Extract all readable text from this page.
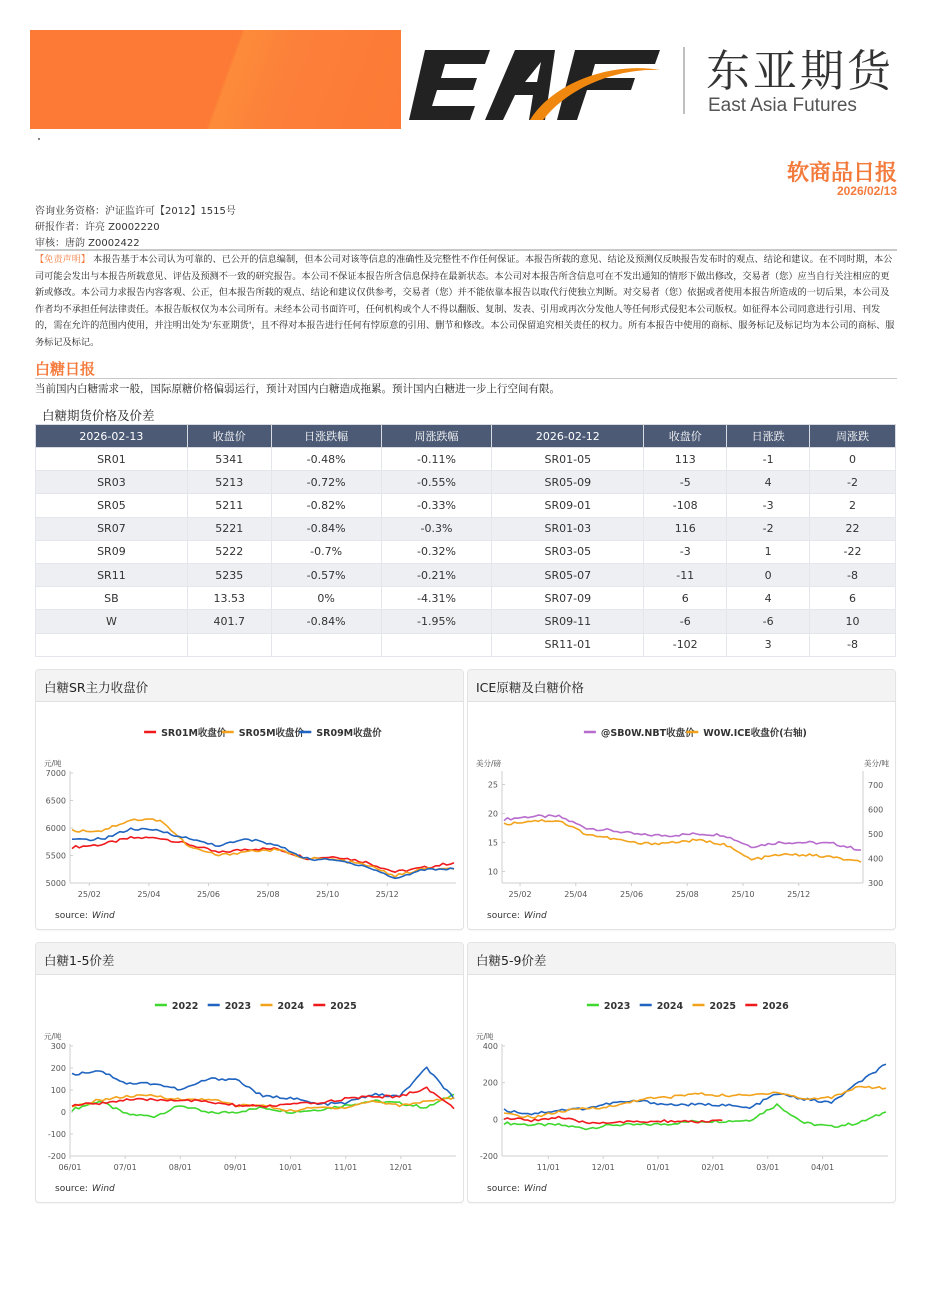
东亚期货
East Asia Futures
软商品日报
2026/02/13
咨询业务资格：沪证监许可【2012】1515号
研报作者：许亮 Z0002220
审核：唐韵 Z0002422
【免责声明】 本报告基于本公司认为可靠的、已公开的信息编制，但本公司对该等信息的准确性及完整性不作任何保证。本报告所载的意见、结论及预测仅反映报告发布时的观点、结论和建议。在不同时期，本公司可能会发出与本报告所载意见、评估及预测不一致的研究报告。本公司不保证本报告所含信息保持在最新状态。本公司对本报告所含信息可在不发出通知的情形下做出修改，交易者（您）应当自行关注相应的更新或修改。本公司力求报告内容客观、公正，但本报告所载的观点、结论和建议仅供参考，交易者（您）并不能依靠本报告以取代行使独立判断。对交易者（您）依据或者使用本报告所造成的一切后果，本公司及作者均不承担任何法律责任。本报告版权仅为本公司所有。未经本公司书面许可，任何机构或个人不得以翻版、复制、发表、引用或再次分发他人等任何形式侵犯本公司版权。如征得本公司同意进行引用、刊发的，需在允许的范围内使用，并注明出处为'东亚期货'，且不得对本报告进行任何有悖原意的引用、删节和修改。本公司保留追究相关责任的权力。所有本报告中使用的商标、服务标记及标记均为本公司的商标、服务标记及标记。
白糖日报
当前国内白糖需求一般，国际原糖价格偏弱运行，预计对国内白糖造成拖累。预计国内白糖进一步上行空间有限。
白糖期货价格及价差
2026-02-13	收盘价	日涨跌幅	周涨跌幅	2026-02-12	收盘价	日涨跌	周涨跌
SR01	5341	-0.48%	-0.11%	SR01-05	113	-1	0
SR03	5213	-0.72%	-0.55%	SR05-09	-5	4	-2
SR05	5211	-0.82%	-0.33%	SR09-01	-108	-3	2
SR07	5221	-0.84%	-0.3%	SR01-03	116	-2	22
SR09	5222	-0.7%	-0.32%	SR03-05	-3	1	-22
SR11	5235	-0.57%	-0.21%	SR05-07	-11	0	-8
SB	13.53	0%	-4.31%	SR07-09	6	4	6
W	401.7	-0.84%	-1.95%	SR09-11	-6	-6	10
				SR11-01	-102	3	-8
白糖SR主力收盘价
元/吨
7000
6500
6000
5500
5000
25/02	25/04	25/06	25/08	25/10	25/12
SR01M收盘价 SR05M收盘价 SR09M收盘价
source: Wind
ICE原糖及白糖价格
美分/磅	美分/吨
25
20
15
10
700
600
500
400
300
25/02	25/04	25/06	25/08	25/10	25/12
@SB0W.NBT收盘价 W0W.ICE收盘价(右轴)
source: Wind
白糖1-5价差
元/吨
300
200
100
0
-100
-200
06/01	07/01	08/01	09/01	10/01	11/01	12/01
2022	2023	2024	2025
source: Wind
白糖5-9价差
元/吨
400
200
0
-200
11/01	12/01	01/01	02/01	03/01	04/01
2023	2024	2025	2026
source: Wind
